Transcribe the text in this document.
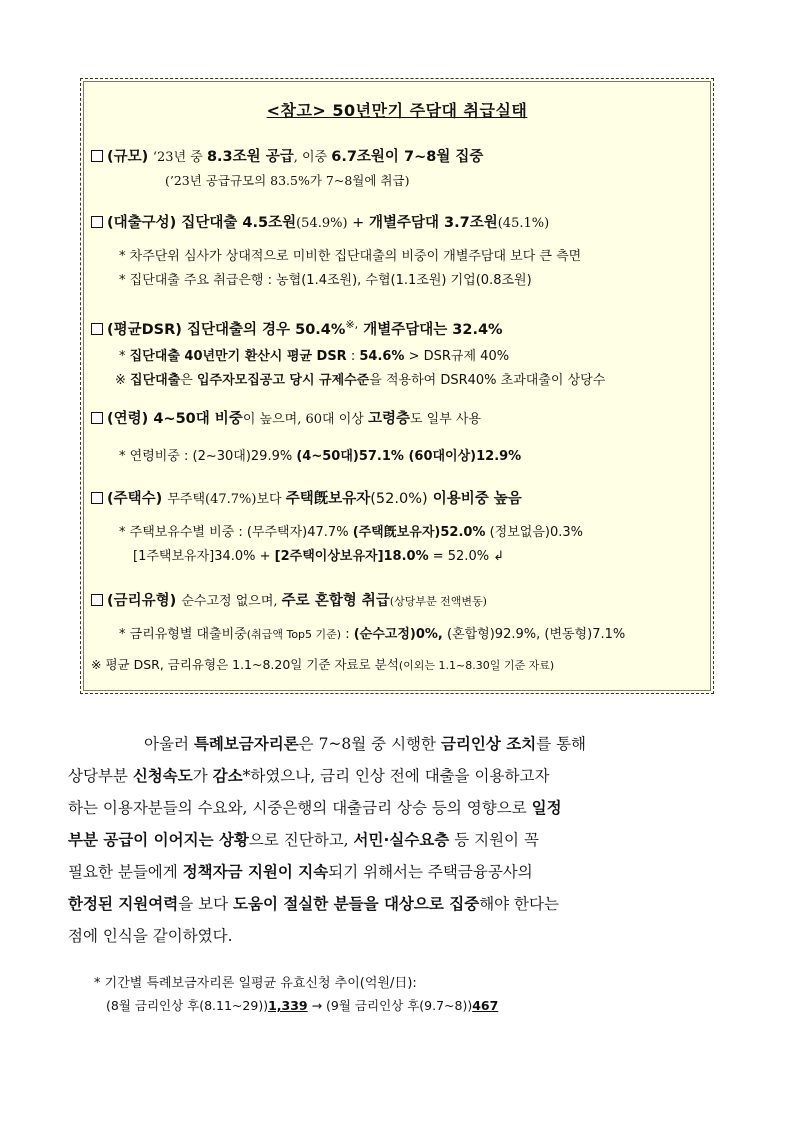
<참고> 50년만기 주담대 취급실태
(규모) ‘23년 중 8.3조원 공급, 이중 6.7조원이 7~8월 집중
(’23년 공급규모의 83.5%가 7~8월에 취급)
(대출구성) 집단대출 4.5조원(54.9%) + 개별주담대 3.7조원(45.1%)
* 차주단위 심사가 상대적으로 미비한 집단대출의 비중이 개별주담대 보다 큰 측면
* 집단대출 주요 취급은행 : 농협(1.4조원), 수협(1.1조원) 기업(0.8조원)
(평균DSR) 집단대출의 경우 50.4%※, 개별주담대는 32.4%
* 집단대출 40년만기 환산시 평균 DSR : 54.6% > DSR규제 40%
※ 집단대출은 입주자모집공고 당시 규제수준을 적용하여 DSR40% 초과대출이 상당수
(연령) 4~50대 비중이 높으며, 60대 이상 고령층도 일부 사용
* 연령비중 : (2~30대)29.9% (4~50대)57.1% (60대이상)12.9%
(주택수) 무주택(47.7%)보다 주택旣보유자(52.0%) 이용비중 높음
* 주택보유수별 비중 : (무주택자)47.7% (주택旣보유자)52.0% (정보없음)0.3%
[1주택보유자]34.0% + [2주택이상보유자]18.0% = 52.0% ↲
(금리유형) 순수고정 없으며, 주로 혼합형 취급(상당부분 전액변동)
* 금리유형별 대출비중(취급액 Top5 기준) : (순수고정)0%, (혼합형)92.9%, (변동형)7.1%
※ 평균 DSR, 금리유형은 1.1~8.20일 기준 자료로 분석(이외는 1.1~8.30일 기준 자료)
아울러 특례보금자리론은 7~8월 중 시행한 금리인상 조치를 통해
상당부분 신청속도가 감소*하였으나, 금리 인상 전에 대출을 이용하고자
하는 이용자분들의 수요와, 시중은행의 대출금리 상승 등의 영향으로 일정
부분 공급이 이어지는 상황으로 진단하고, 서민·실수요층 등 지원이 꼭
필요한 분들에게 정책자금 지원이 지속되기 위해서는 주택금융공사의
한정된 지원여력을 보다 도움이 절실한 분들을 대상으로 집중해야 한다는
점에 인식을 같이하였다.
* 기간별 특례보금자리론 일평균 유효신청 추이(억원/日):
(8월 금리인상 후(8.11~29))1,339 → (9월 금리인상 후(9.7~8))467
